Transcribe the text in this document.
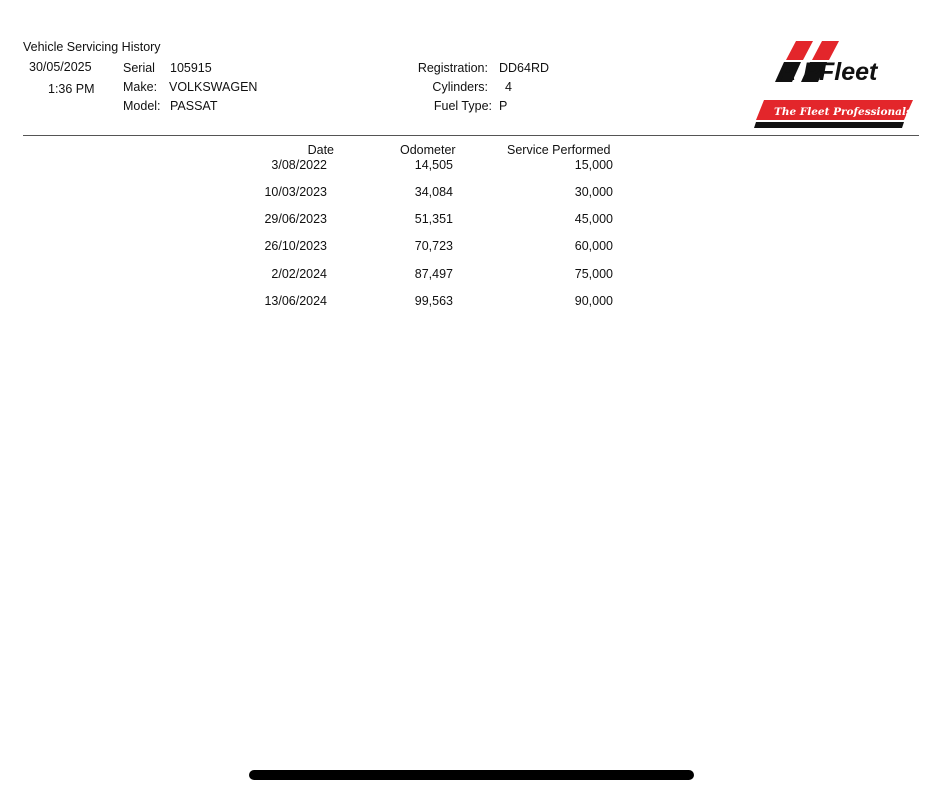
Vehicle Servicing History
30/05/2025
1:36 PM
Serial 105915
Make: VOLKSWAGEN
Model: PASSAT
Registration: DD64RD
Cylinders: 4
Fuel Type: P
A P Fleet
The Fleet Professionals
Date	Odometer	Service Performed
3/08/2022	14,505	15,000
10/03/2023	34,084	30,000
29/06/2023	51,351	45,000
26/10/2023	70,723	60,000
2/02/2024	87,497	75,000
13/06/2024	99,563	90,000
